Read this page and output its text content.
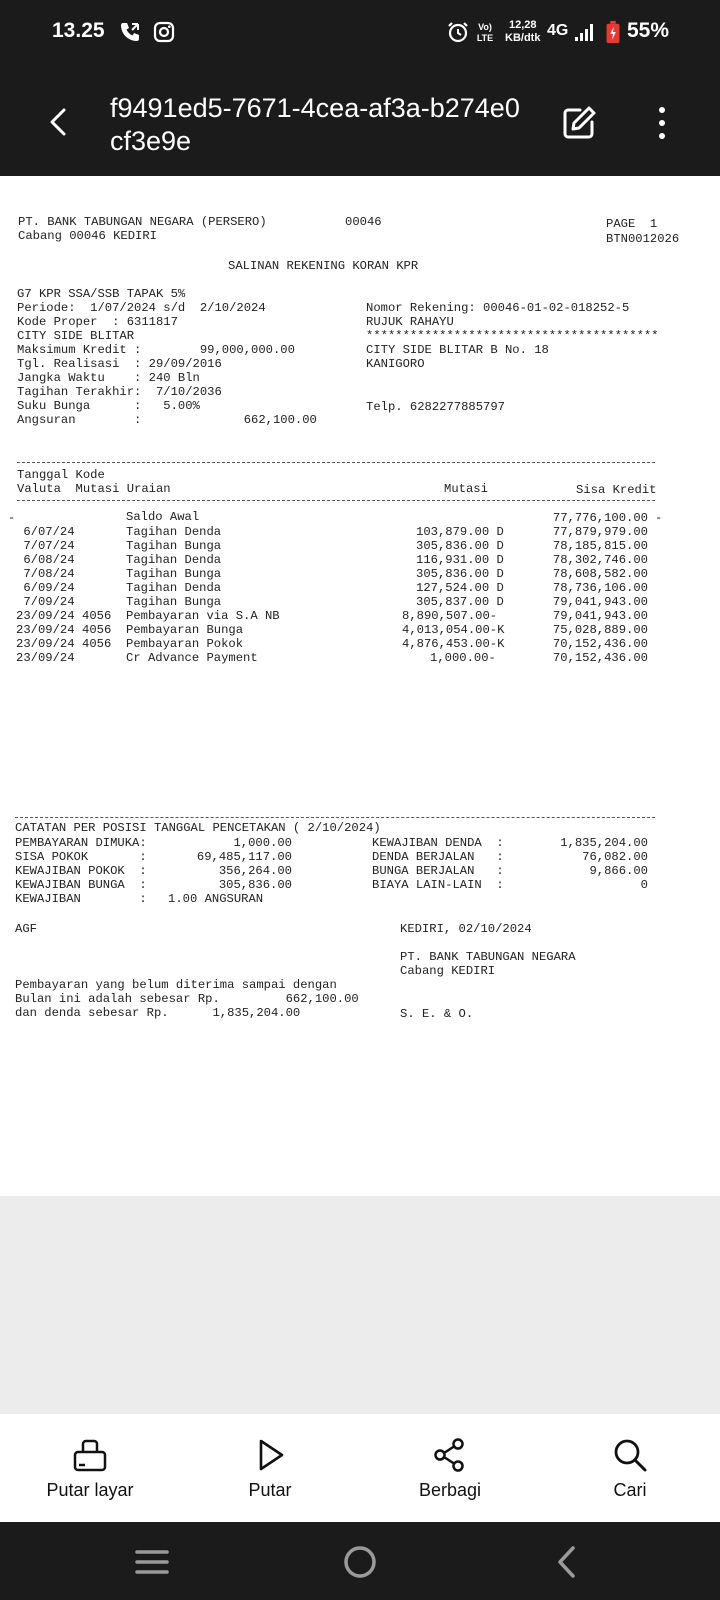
13.25	Vo)
LTE
12,28
KB/dtk 4G	55%
f9491ed5-7671-4cea-af3a-b274e0cf3e9e
PT. BANK TABUNGAN NEGARA (PERSERO)
Cabang 00046 KEDIRI
00046	PAGE  1
BTN0012026
SALINAN REKENING KORAN KPR
G7 KPR SSA/SSB TAPAK 5%
Periode:  1/07/2024 s/d  2/10/2024
Kode Proper  : 6311817
CITY SIDE BLITAR
Maksimum Kredit :        99,000,000.00
Tgl. Realisasi  : 29/09/2016
Jangka Waktu    : 240 Bln
Tagihan Terakhir:  7/10/2036
Suku Bunga      :   5.00%
Angsuran        :              662,100.00
Nomor Rekening: 00046-01-02-018252-5
RUJUK RAHAYU
****************************************
CITY SIDE BLITAR B No. 18
KANIGORO
Telp. 6282277885797
Tanggal Kode
Valuta  Mutasi Uraian	Mutasi	Sisa Kredit
-	-
Saldo Awal	77,776,100.00
6/07/24	Tagihan Denda	103,879.00 D	77,879,979.00
7/07/24	Tagihan Bunga	305,836.00 D	78,185,815.00
6/08/24	Tagihan Denda	116,931.00 D	78,302,746.00
7/08/24	Tagihan Bunga	305,836.00 D	78,608,582.00
6/09/24	Tagihan Denda	127,524.00 D	78,736,106.00
7/09/24	Tagihan Bunga	305,837.00 D	79,041,943.00
23/09/24 4056 Pembayaran via S.A NB	8,890,507.00-	79,041,943.00
23/09/24 4056 Pembayaran Bunga	4,013,054.00-K	75,028,889.00
23/09/24 4056 Pembayaran Pokok	4,876,453.00-K	70,152,436.00
23/09/24	Cr Advance Payment	1,000.00-	70,152,436.00
CATATAN PER POSISI TANGGAL PENCETAKAN ( 2/10/2024)
PEMBAYARAN DIMUKA:	1,000.00
SISA POKOK       :	69,485,117.00
KEWAJIBAN POKOK  :	356,264.00
KEWAJIBAN BUNGA  :	305,836.00
KEWAJIBAN        : 1.00 ANGSURAN
KEWAJIBAN DENDA  :	1,835,204.00
DENDA BERJALAN   :	76,082.00
BUNGA BERJALAN   :	9,866.00
BIAYA LAIN-LAIN  :	0
AGF	KEDIRI, 02/10/2024
PT. BANK TABUNGAN NEGARA
Cabang KEDIRI
Pembayaran yang belum diterima sampai dengan
Bulan ini adalah sebesar Rp.         662,100.00
dan denda sebesar Rp.      1,835,204.00	S. E. & O.
Putar layar	Putar	Berbagi	Cari
